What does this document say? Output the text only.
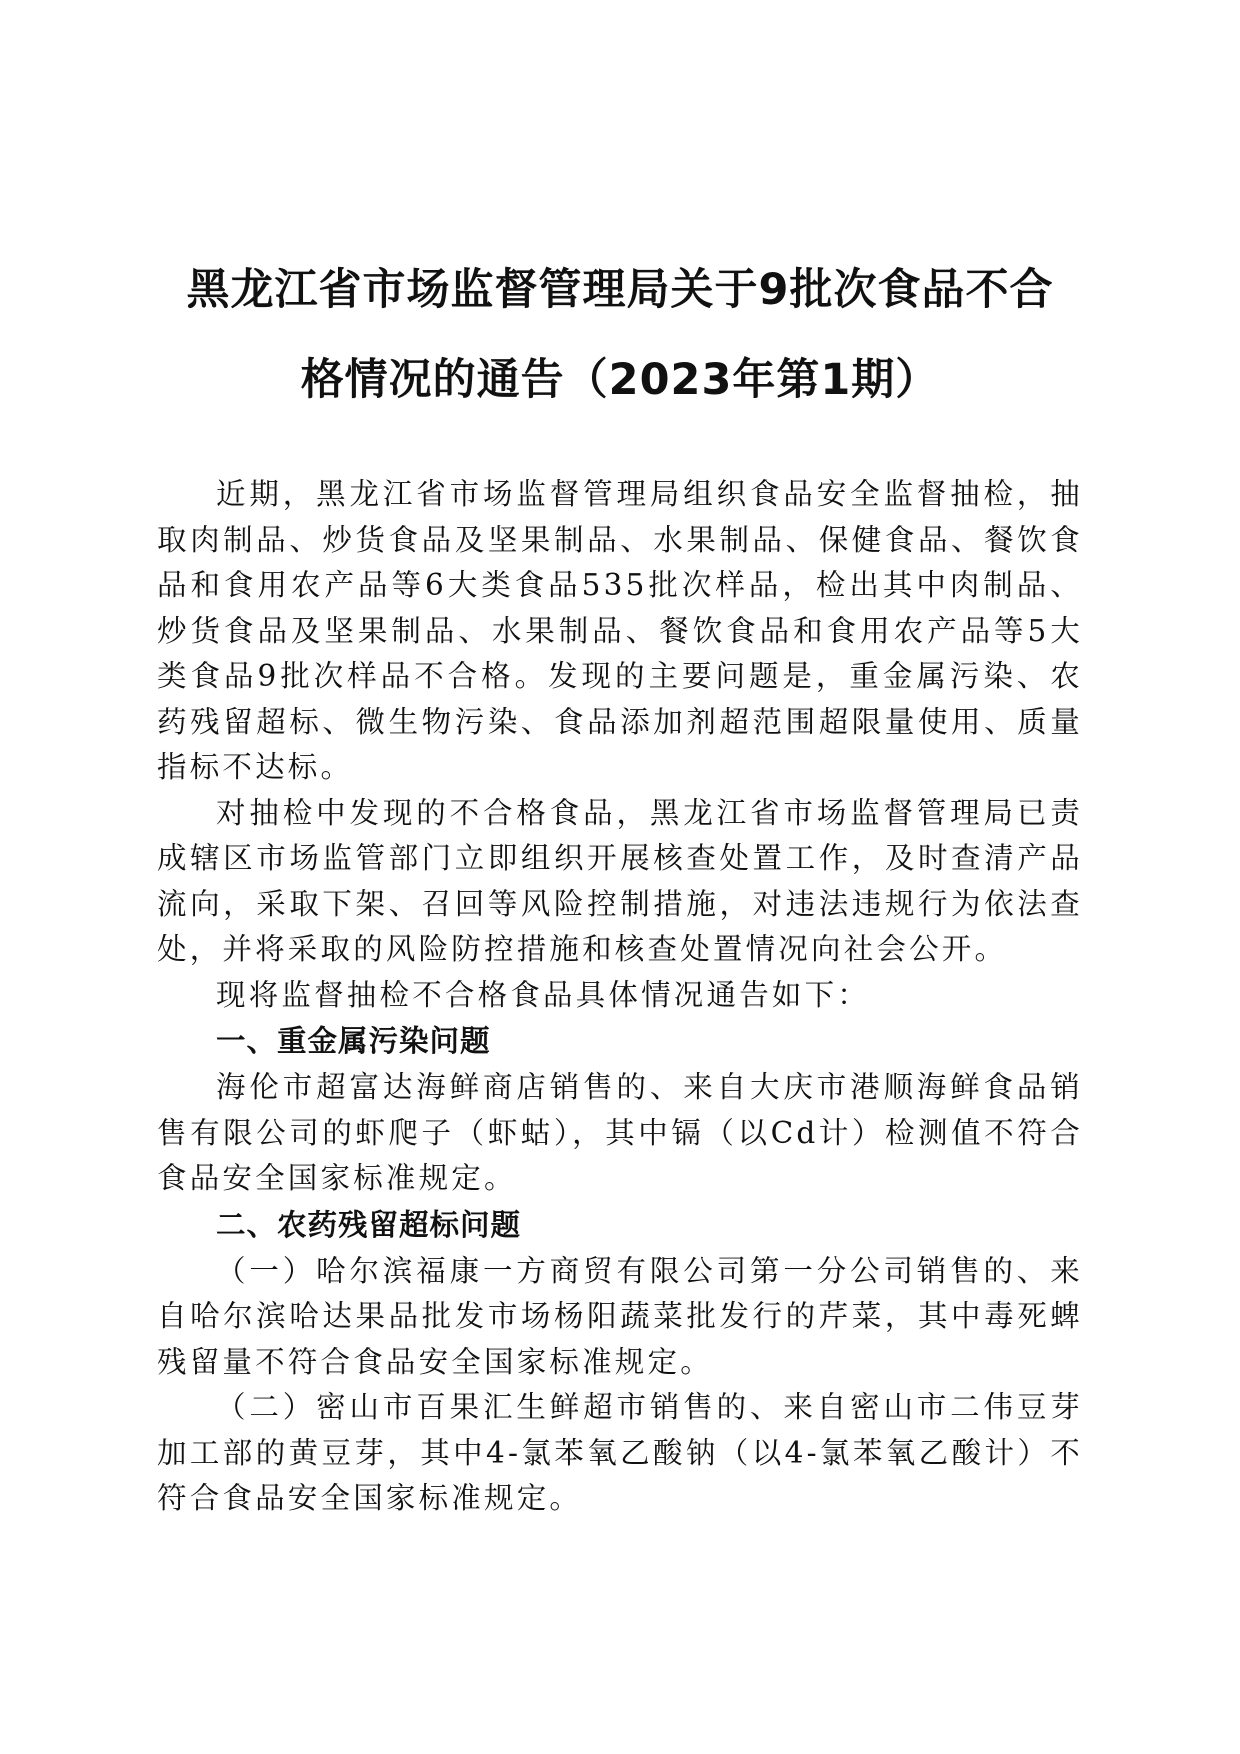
黑龙江省市场监督管理局关于9批次食品不合
格情况的通告（2023年第1期）

近期，黑龙江省市场监督管理局组织食品安全监督抽检，抽取肉制品、炒货食品及坚果制品、水果制品、保健食品、餐饮食品和食用农产品等6大类食品535批次样品，检出其中肉制品、炒货食品及坚果制品、水果制品、餐饮食品和食用农产品等5大类食品9批次样品不合格。发现的主要问题是，重金属污染、农药残留超标、微生物污染、食品添加剂超范围超限量使用、质量指标不达标。

对抽检中发现的不合格食品，黑龙江省市场监督管理局已责成辖区市场监管部门立即组织开展核查处置工作，及时查清产品流向，采取下架、召回等风险控制措施，对违法违规行为依法查处，并将采取的风险防控措施和核查处置情况向社会公开。

现将监督抽检不合格食品具体情况通告如下：

一、重金属污染问题

海伦市超富达海鲜商店销售的、来自大庆市港顺海鲜食品销售有限公司的虾爬子（虾蛄），其中镉（以Cd计）检测值不符合食品安全国家标准规定。

二、农药残留超标问题

（一）哈尔滨福康一方商贸有限公司第一分公司销售的、来自哈尔滨哈达果品批发市场杨阳蔬菜批发行的芹菜，其中毒死蜱残留量不符合食品安全国家标准规定。

（二）密山市百果汇生鲜超市销售的、来自密山市二伟豆芽加工部的黄豆芽，其中4-氯苯氧乙酸钠（以4-氯苯氧乙酸计）不符合食品安全国家标准规定。
